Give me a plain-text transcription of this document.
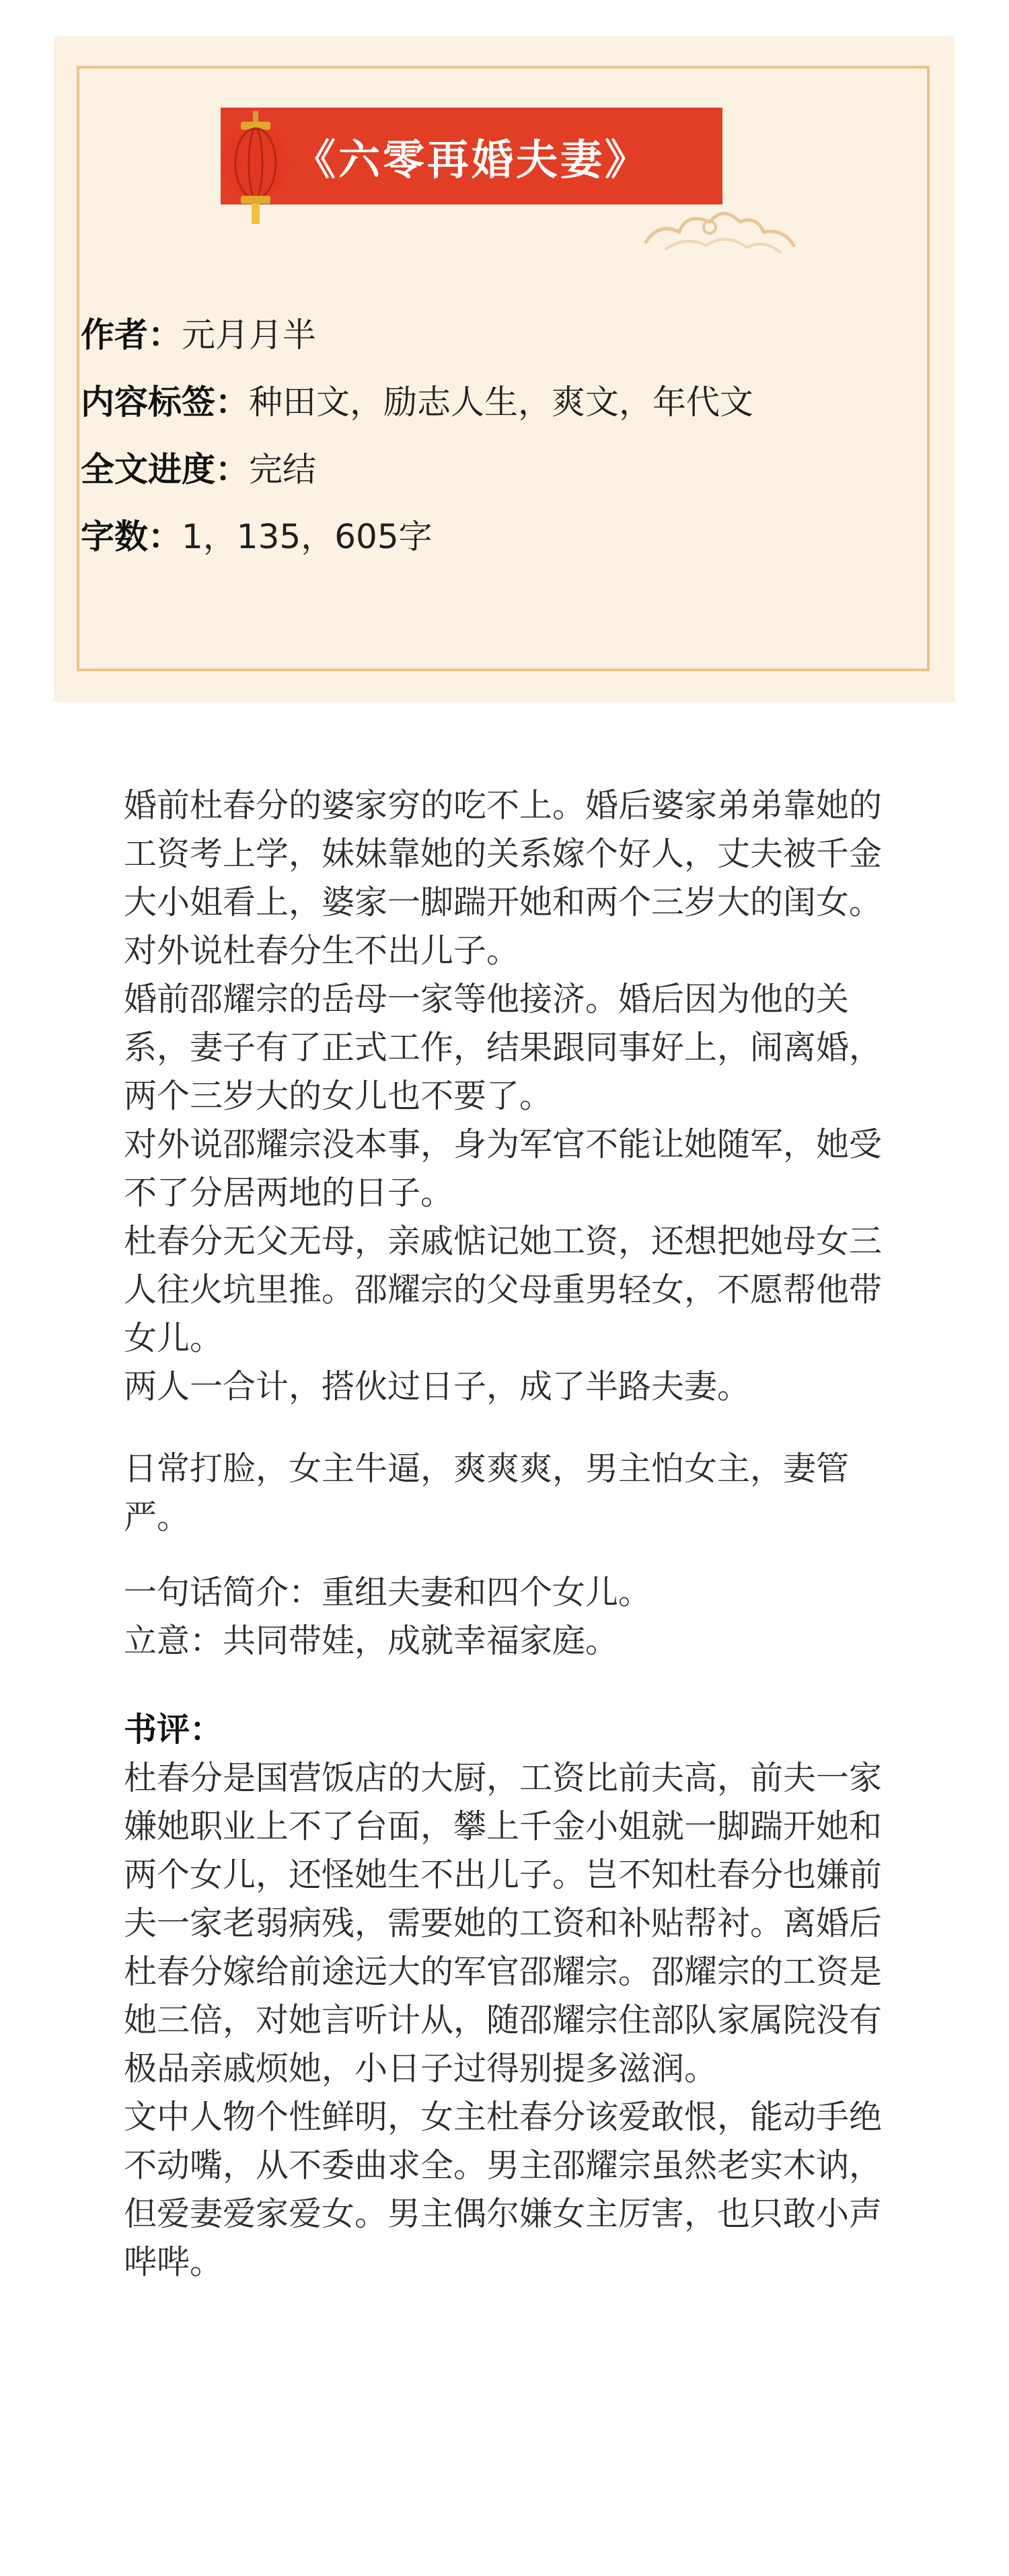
《六零再婚夫妻》
作者：元月月半
内容标签：种田文，励志人生，爽文，年代文
全文进度：完结
字数：1，135，605字

婚前杜春分的婆家穷的吃不上。婚后婆家弟弟靠她的工资考上学，妹妹靠她的关系嫁个好人，丈夫被千金大小姐看上，婆家一脚踹开她和两个三岁大的闺女。

对外说杜春分生不出儿子。

婚前邵耀宗的岳母一家等他接济。婚后因为他的关系，妻子有了正式工作，结果跟同事好上，闹离婚，两个三岁大的女儿也不要了。

对外说邵耀宗没本事，身为军官不能让她随军，她受不了分居两地的日子。

杜春分无父无母，亲戚惦记她工资，还想把她母女三人往火坑里推。邵耀宗的父母重男轻女，不愿帮他带女儿。

两人一合计，搭伙过日子，成了半路夫妻。

日常打脸，女主牛逼，爽爽爽，男主怕女主，妻管严。

一句话简介：重组夫妻和四个女儿。

立意：共同带娃，成就幸福家庭。

书评：

杜春分是国营饭店的大厨，工资比前夫高，前夫一家嫌她职业上不了台面，攀上千金小姐就一脚踹开她和两个女儿，还怪她生不出儿子。岂不知杜春分也嫌前夫一家老弱病残，需要她的工资和补贴帮衬。离婚后杜春分嫁给前途远大的军官邵耀宗。邵耀宗的工资是她三倍，对她言听计从，随邵耀宗住部队家属院没有极品亲戚烦她，小日子过得别提多滋润。

文中人物个性鲜明，女主杜春分该爱敢恨，能动手绝不动嘴，从不委曲求全。男主邵耀宗虽然老实木讷，但爱妻爱家爱女。男主偶尔嫌女主厉害，也只敢小声哔哔。
